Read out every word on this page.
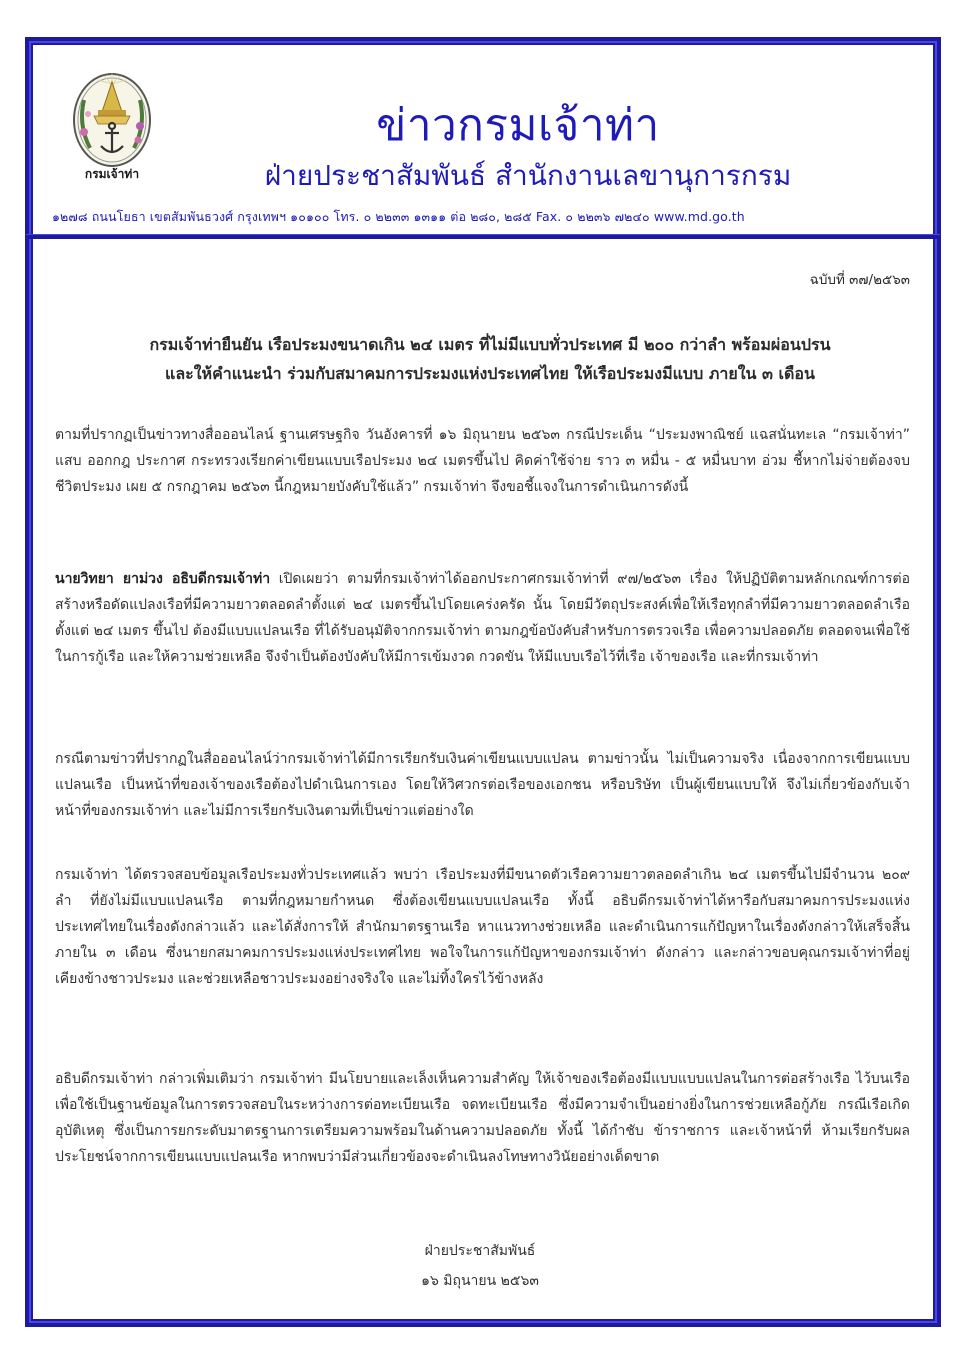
กรมเจ้าท่า
ข่าวกรมเจ้าท่า
ฝ่ายประชาสัมพันธ์ สำนักงานเลขานุการกรม
๑๒๗๘ ถนนโยธา เขตสัมพันธวงศ์ กรุงเทพฯ ๑๐๑๐๐ โทร. ๐ ๒๒๓๓ ๑๓๑๑ ต่อ ๒๘๐, ๒๘๕ Fax. ๐ ๒๒๓๖ ๗๒๔๐ www.md.go.th
ฉบับที่ ๓๗/๒๕๖๓
กรมเจ้าท่ายืนยัน เรือประมงขนาดเกิน ๒๔ เมตร ที่ไม่มีแบบทั่วประเทศ มี ๒๐๐ กว่าลำ พร้อมผ่อนปรน
และให้คำแนะนำ ร่วมกับสมาคมการประมงแห่งประเทศไทย ให้เรือประมงมีแบบ ภายใน ๓ เดือน
ตามที่ปรากฏเป็นข่าวทางสื่อออนไลน์ ฐานเศรษฐกิจ วันอังคารที่ ๑๖ มิถุนายน ๒๕๖๓ กรณีประเด็น “ประมงพาณิชย์ แฉสนั่นทะเล “กรมเจ้าท่า” แสบ ออกกฎ ประกาศ กระทรวงเรียกค่าเขียนแบบเรือประมง ๒๔ เมตรขึ้นไป คิดค่าใช้จ่าย ราว ๓ หมื่น - ๕ หมื่นบาท อ่วม ชี้หากไม่จ่ายต้องจบชีวิตประมง เผย ๕ กรกฎาคม ๒๕๖๓ นี้กฎหมายบังคับใช้แล้ว” กรมเจ้าท่า จึงขอชี้แจงในการดำเนินการดังนี้
นายวิทยา ยาม่วง อธิบดีกรมเจ้าท่า เปิดเผยว่า ตามที่กรมเจ้าท่าได้ออกประกาศกรมเจ้าท่าที่ ๙๗/๒๕๖๓ เรื่อง ให้ปฏิบัติตามหลักเกณฑ์การต่อสร้างหรือดัดแปลงเรือที่มีความยาวตลอดลำตั้งแต่ ๒๔ เมตรขึ้นไปโดยเคร่งครัด นั้น โดยมีวัตถุประสงค์เพื่อให้เรือทุกลำที่มีความยาวตลอดลำเรือตั้งแต่ ๒๔ เมตร ขึ้นไป ต้องมีแบบแปลนเรือ ที่ได้รับอนุมัติจากกรมเจ้าท่า ตามกฎข้อบังคับสำหรับการตรวจเรือ เพื่อความปลอดภัย ตลอดจนเพื่อใช้ในการกู้เรือ และให้ความช่วยเหลือ จึงจำเป็นต้องบังคับให้มีการเข้มงวด กวดขัน ให้มีแบบเรือไว้ที่เรือ เจ้าของเรือ และที่กรมเจ้าท่า
กรณีตามข่าวที่ปรากฏในสื่อออนไลน์ว่ากรมเจ้าท่าได้มีการเรียกรับเงินค่าเขียนแบบแปลน ตามข่าวนั้น ไม่เป็นความจริง เนื่องจากการเขียนแบบแปลนเรือ เป็นหน้าที่ของเจ้าของเรือต้องไปดำเนินการเอง โดยให้วิศวกรต่อเรือของเอกชน หรือบริษัท เป็นผู้เขียนแบบให้ จึงไม่เกี่ยวข้องกับเจ้าหน้าที่ของกรมเจ้าท่า และไม่มีการเรียกรับเงินตามที่เป็นข่าวแต่อย่างใด
กรมเจ้าท่า ได้ตรวจสอบข้อมูลเรือประมงทั่วประเทศแล้ว พบว่า เรือประมงที่มีขนาดตัวเรือความยาวตลอดลำเกิน ๒๔ เมตรขึ้นไปมีจำนวน ๒๐๙ ลำ ที่ยังไม่มีแบบแปลนเรือ ตามที่กฎหมายกำหนด ซึ่งต้องเขียนแบบแปลนเรือ ทั้งนี้ อธิบดีกรมเจ้าท่าได้หารือกับสมาคมการประมงแห่งประเทศไทยในเรื่องดังกล่าวแล้ว และได้สั่งการให้ สำนักมาตรฐานเรือ หาแนวทางช่วยเหลือ และดำเนินการแก้ปัญหาในเรื่องดังกล่าวให้เสร็จสิ้นภายใน ๓ เดือน ซึ่งนายกสมาคมการประมงแห่งประเทศไทย พอใจในการแก้ปัญหาของกรมเจ้าท่า ดังกล่าว และกล่าวขอบคุณกรมเจ้าท่าที่อยู่เคียงข้างชาวประมง และช่วยเหลือชาวประมงอย่างจริงใจ และไม่ทิ้งใครไว้ข้างหลัง
อธิบดีกรมเจ้าท่า กล่าวเพิ่มเติมว่า กรมเจ้าท่า มีนโยบายและเล็งเห็นความสำคัญ ให้เจ้าของเรือต้องมีแบบแบบแปลนในการต่อสร้างเรือ ไว้บนเรือเพื่อใช้เป็นฐานข้อมูลในการตรวจสอบในระหว่างการต่อทะเบียนเรือ จดทะเบียนเรือ ซึ่งมีความจำเป็นอย่างยิ่งในการช่วยเหลือกู้ภัย กรณีเรือเกิดอุบัติเหตุ ซึ่งเป็นการยกระดับมาตรฐานการเตรียมความพร้อมในด้านความปลอดภัย ทั้งนี้ ได้กำชับ ข้าราชการ และเจ้าหน้าที่ ห้ามเรียกรับผลประโยชน์จากการเขียนแบบแปลนเรือ หากพบว่ามีส่วนเกี่ยวข้องจะดำเนินลงโทษทางวินัยอย่างเด็ดขาด
ฝ่ายประชาสัมพันธ์
๑๖ มิถุนายน ๒๕๖๓
